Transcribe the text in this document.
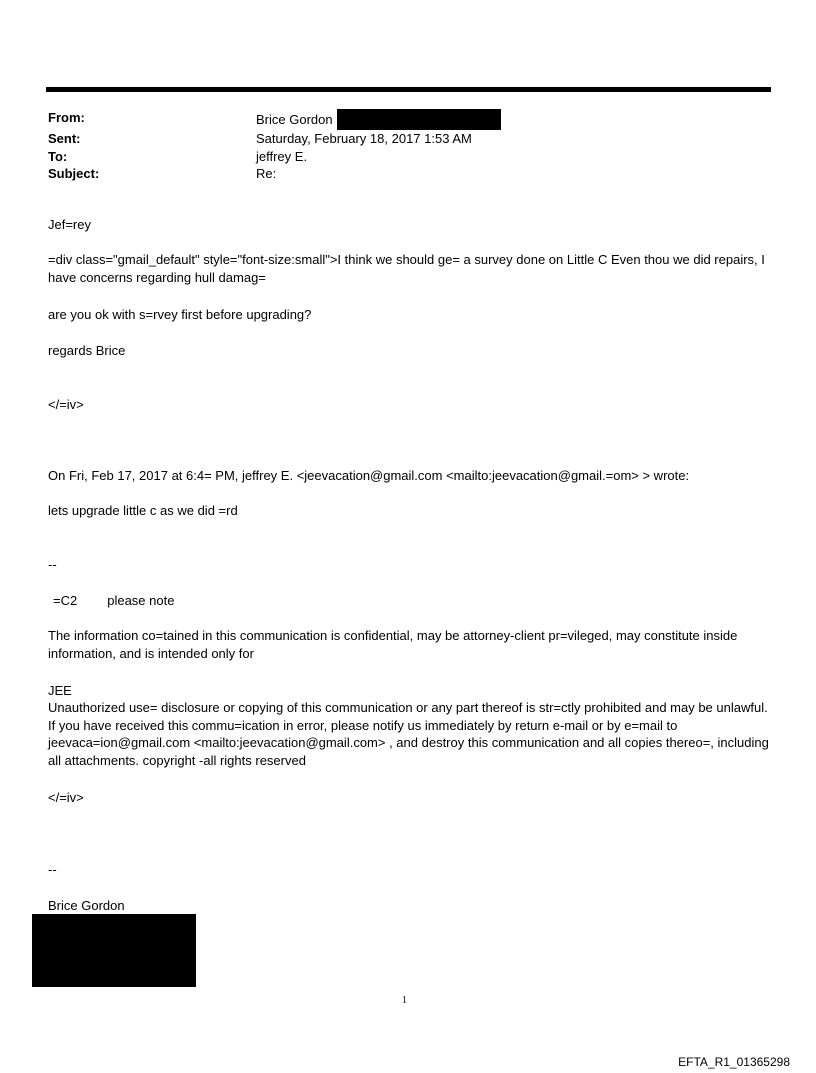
From:	Brice Gordon
Sent:	Saturday, February 18, 2017 1:53 AM
To:	jeffrey E.
Subject:	Re:
Jef=rey
=div class="gmail_default" style="font-size:small">I think we should ge= a survey done on Little C Even thou we did repairs, I have concerns regarding hull damag=
are you ok with s=rvey first before upgrading?
regards Brice
</=iv>
On Fri, Feb 17, 2017 at 6:4= PM, jeffrey E. <jeevacation@gmail.com <mailto:jeevacation@gmail.=om> > wrote:
lets upgrade little c as we did =rd
--
=C2 please note
The information co=tained in this communication is confidential, may be attorney-client pr=vileged, may constitute inside information, and is intended only for
JEE
Unauthorized use= disclosure or copying of this communication or any part thereof is str=ctly prohibited and may be unlawful. If you have received this commu=ication in error, please notify us immediately by return e-mail or by e=mail to jeevaca=ion@gmail.com <mailto:jeevacation@gmail.com> , and destroy this communication and all copies thereo=, including all attachments. copyright -all rights reserved
</=iv>
--
Brice Gordon
1
EFTA_R1_01365298
